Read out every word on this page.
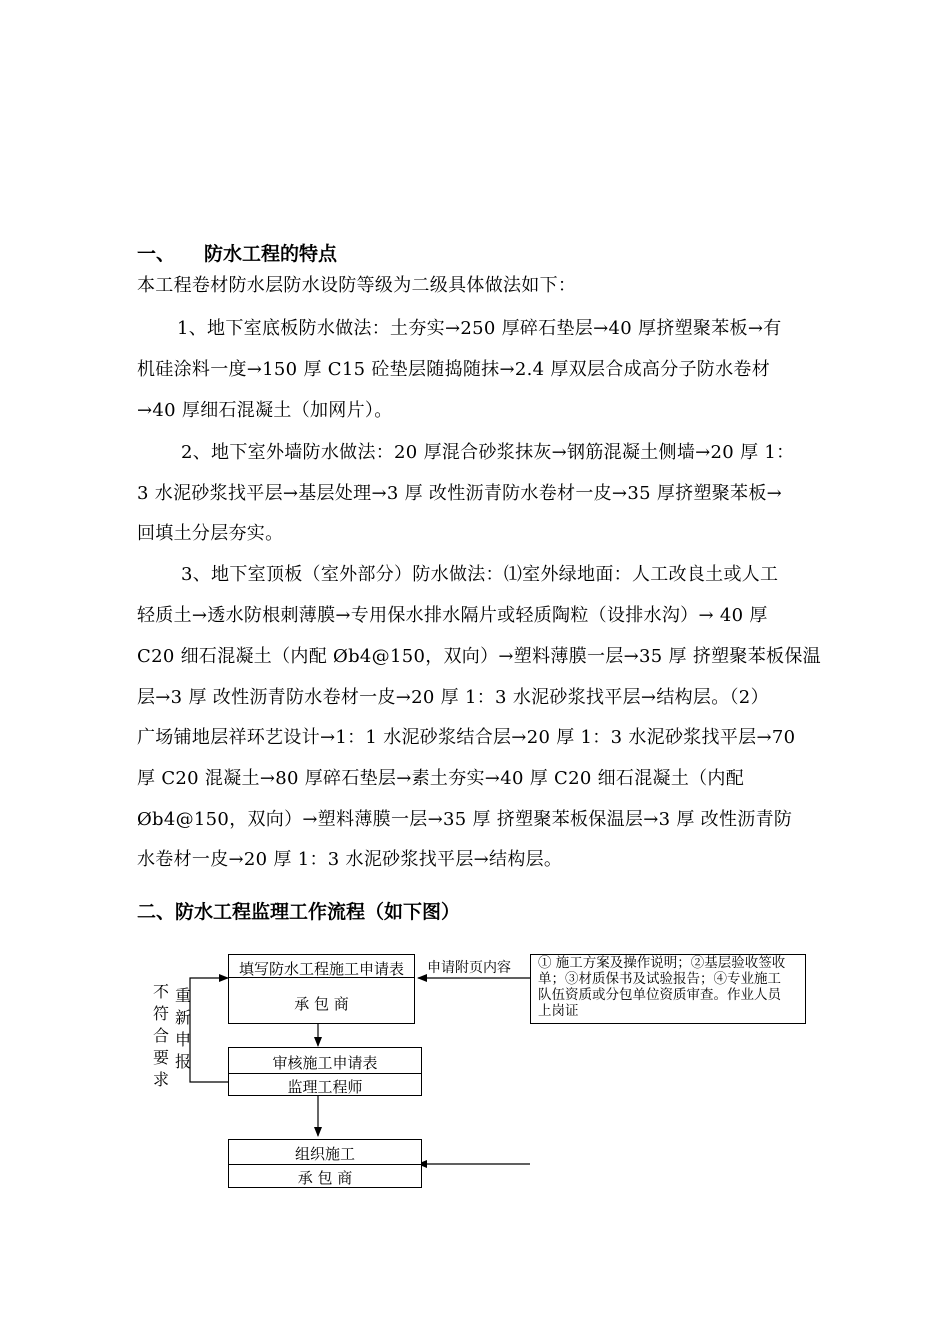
一、 防水工程的特点
本工程卷材防水层防水设防等级为二级具体做法如下：
1、地下室底板防水做法：土夯实→250 厚碎石垫层→40 厚挤塑聚苯板→有
机硅涂料一度→150 厚 C15 砼垫层随捣随抹→2.4 厚双层合成高分子防水卷材
→40 厚细石混凝土（加网片）。
2、地下室外墙防水做法：20 厚混合砂浆抹灰→钢筋混凝土侧墙→20 厚 1：
3 水泥砂浆找平层→基层处理→3 厚 改性沥青防水卷材一皮→35 厚挤塑聚苯板→
回填土分层夯实。
3、地下室顶板（室外部分）防水做法：⑴室外绿地面：人工改良土或人工
轻质土→透水防根刺薄膜→专用保水排水隔片或轻质陶粒（设排水沟）→ 40 厚
C20 细石混凝土（内配 Øb4@150，双向）→塑料薄膜一层→35 厚 挤塑聚苯板保温
层→3 厚 改性沥青防水卷材一皮→20 厚 1：3 水泥砂浆找平层→结构层。（2）
广场铺地层祥环艺设计→1：1 水泥砂浆结合层→20 厚 1：3 水泥砂浆找平层→70
厚 C20 混凝土→80 厚碎石垫层→素土夯实→40 厚 C20 细石混凝土（内配
Øb4@150，双向）→塑料薄膜一层→35 厚 挤塑聚苯板保温层→3 厚 改性沥青防
水卷材一皮→20 厚 1：3 水泥砂浆找平层→结构层。
二、防水工程监理工作流程（如下图）
填写防水工程施工申请表
承 包 商
申请附页内容 ① 施工方案及操作说明；②基层验收签收
单；③材质保书及试验报告；④专业施工
队伍资质或分包单位资质审查。作业人员
上岗证
不
符
合
要
求
重
新
申
报	审核施工申请表
监理工程师
组织施工
承 包 商
